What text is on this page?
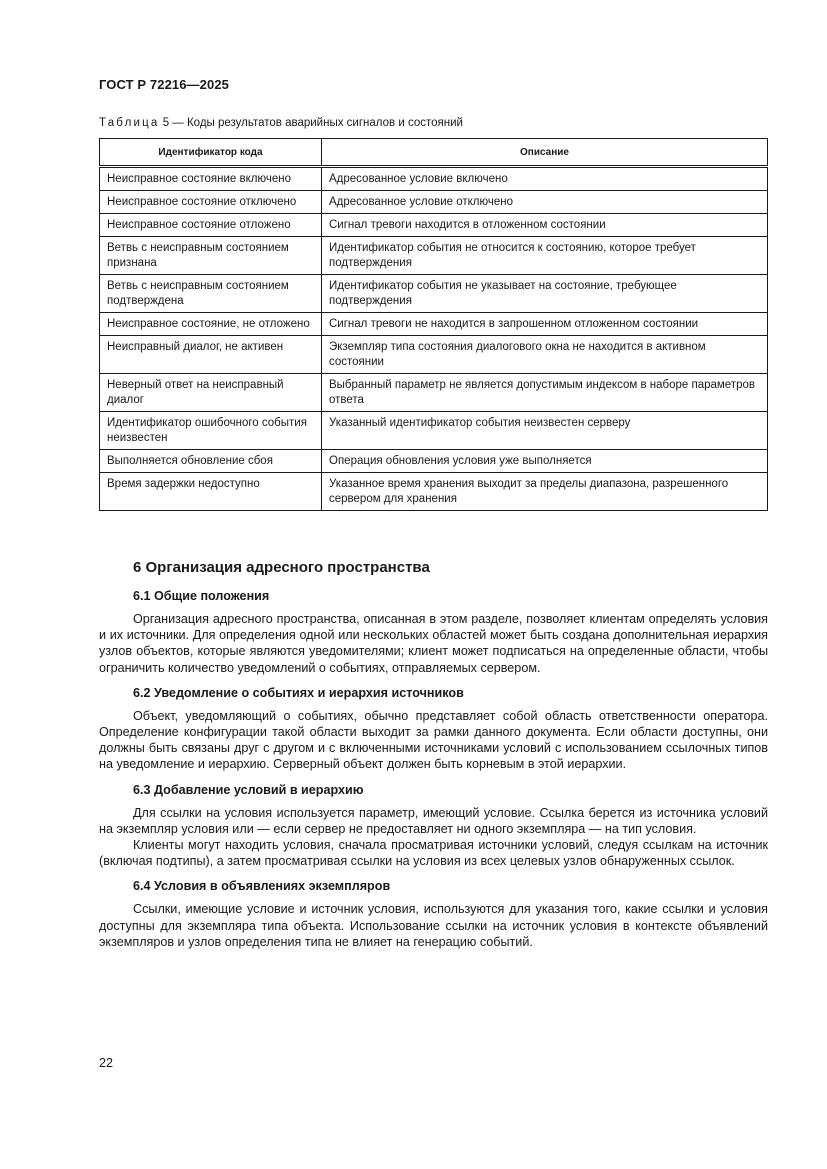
ГОСТ Р 72216—2025
Таблица 5 — Коды результатов аварийных сигналов и состояний
Идентификатор кода	Описание
Неисправное состояние включено	Адресованное условие включено
Неисправное состояние отключено	Адресованное условие отключено
Неисправное состояние отложено	Сигнал тревоги находится в отложенном состоянии
Ветвь с неисправным состоянием признана	Идентификатор события не относится к состоянию, которое требует подтверждения
Ветвь с неисправным состоянием подтверждена	Идентификатор события не указывает на состояние, требующее подтверждения
Неисправное состояние, не отложено	Сигнал тревоги не находится в запрошенном отложенном состоянии
Неисправный диалог, не активен	Экземпляр типа состояния диалогового окна не находится в активном состоянии
Неверный ответ на неисправный диалог	Выбранный параметр не является допустимым индексом в наборе параметров ответа
Идентификатор ошибочного события неизвестен	Указанный идентификатор события неизвестен серверу
Выполняется обновление сбоя	Операция обновления условия уже выполняется
Время задержки недоступно	Указанное время хранения выходит за пределы диапазона, разрешенного сервером для хранения
6 Организация адресного пространства
6.1 Общие положения

Организация адресного пространства, описанная в этом разделе, позволяет клиентам определять условия и их источники. Для определения одной или нескольких областей может быть создана дополнительная иерархия узлов объектов, которые являются уведомителями; клиент может подписаться на определенные области, чтобы ограничить количество уведомлений о событиях, отправляемых сервером.

6.2 Уведомление о событиях и иерархия источников

Объект, уведомляющий о событиях, обычно представляет собой область ответственности оператора. Определение конфигурации такой области выходит за рамки данного документа. Если области доступны, они должны быть связаны друг с другом и с включенными источниками условий с использованием ссылочных типов на уведомление и иерархию. Серверный объект должен быть корневым в этой иерархии.

6.3 Добавление условий в иерархию

Для ссылки на условия используется параметр, имеющий условие. Ссылка берется из источника условий на экземпляр условия или — если сервер не предоставляет ни одного экземпляра — на тип условия.

Клиенты могут находить условия, сначала просматривая источники условий, следуя ссылкам на источник (включая подтипы), а затем просматривая ссылки на условия из всех целевых узлов обнаруженных ссылок.

6.4 Условия в объявлениях экземпляров

Ссылки, имеющие условие и источник условия, используются для указания того, какие ссылки и условия доступны для экземпляра типа объекта. Использование ссылки на источник условия в контексте объявлений экземпляров и узлов определения типа не влияет на генерацию событий.

22
